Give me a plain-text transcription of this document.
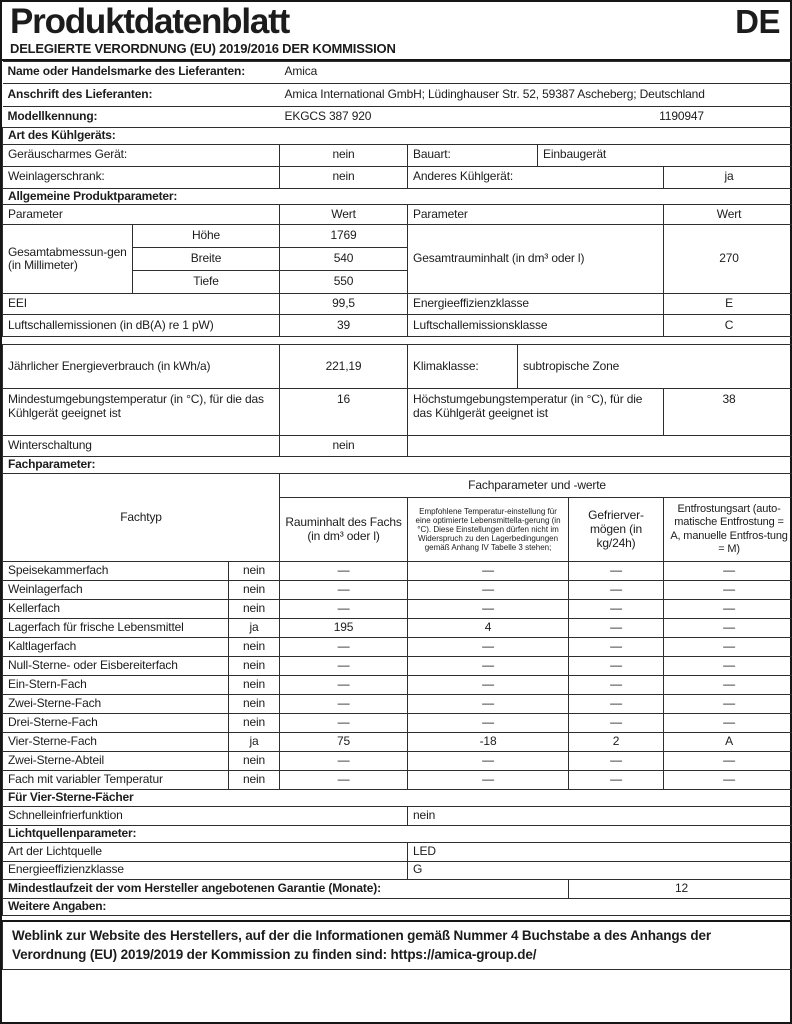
Produktdatenblatt	DE
DELEGIERTE VERORDNUNG (EU) 2019/2016 DER KOMMISSION
Name oder Handelsmarke des Lieferanten:			Amica					
Anschrift des Lieferanten:			Amica International GmbH; Lüdinghauser Str. 52, 59387 Ascheberg; Deutschland					
Modellkennung:			EKGCS 387 920				1190947	
Art des Kühlgeräts:								
Geräuscharmes Gerät:			nein	Bauart:		Einbaugerät		
Weinlagerschrank:			nein	Anderes Kühlgerät:				ja
Allgemeine Produktparameter:								
Parameter			Wert	Parameter				Wert
Gesamtabmessun-gen (in Millimeter)	Höhe		1769	Gesamtrauminhalt (in dm³ oder l)				270
	Breite		540					
	Tiefe		550					
EEI			99,5	Energieeffizienzklasse				E
Luftschallemissionen (in dB(A) re 1 pW)			39	Luftschallemissionsklasse				C

Jährlicher Energieverbrauch (in kWh/a)			221,19	Klimaklasse:	subtropische Zone			
Mindestumgebungstemperatur (in °C), für die das Kühlgerät geeignet ist			16	Höchstumgebungstemperatur (in °C), für die das Kühlgerät geeignet ist				38
Winterschaltung			nein					
Fachparameter:								
Fachtyp			Fachparameter und -werte					
			Rauminhalt des Fachs (in dm³ oder l)	Empfohlene Temperatur-einstellung für eine optimierte Lebensmittella-gerung (in °C). Diese Einstellungen dürfen nicht im Widerspruch zu den Lagerbedingungen gemäß Anhang IV Tabelle 3 stehen;			Gefrierver-mögen (in kg/24h)	Entfrostungsart (auto-matische Entfrostung = A, manuelle Entfros-tung = M)
Speisekammerfach		nein	—	—			—	—
Weinlagerfach		nein	—	—			—	—
Kellerfach		nein	—	—			—	—
Lagerfach für frische Lebensmittel		ja	195	4			—	—
Kaltlagerfach		nein	—	—			—	—
Null-Sterne- oder Eisbereiterfach		nein	—	—			—	—
Ein-Stern-Fach		nein	—	—			—	—
Zwei-Sterne-Fach		nein	—	—			—	—
Drei-Sterne-Fach		nein	—	—			—	—
Vier-Sterne-Fach		ja	75	-18			2	A
Zwei-Sterne-Abteil		nein	—	—			—	—
Fach mit variabler Temperatur		nein	—	—			—	—
Für Vier-Sterne-Fächer								
Schnelleinfrierfunktion				nein				
Lichtquellenparameter:								
Art der Lichtquelle				LED				
Energieeffizienzklasse				G				
Mindestlaufzeit der vom Hersteller angebotenen Garantie (Monate):							12	
Weitere Angaben:								

Weblink zur Website des Herstellers, auf der die Informationen gemäß Nummer 4 Buchstabe a des Anhangs der Verordnung (EU) 2019/2019 der Kommission zu finden sind: https://amica-group.de/								
